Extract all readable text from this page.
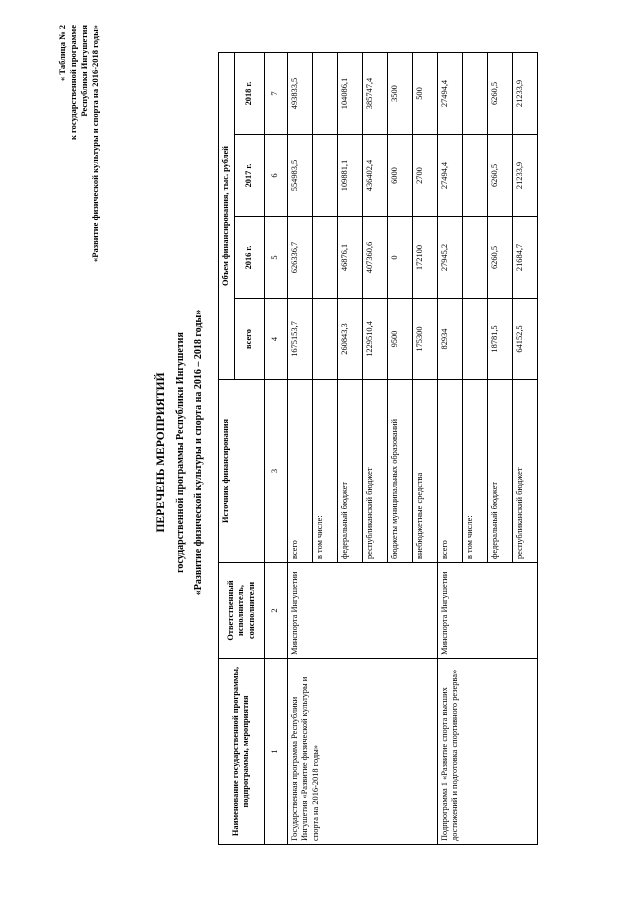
« Таблица № 2 к государственной программе Республики Ингушетия «Развитие физической культуры и спорта на 2016-2018 годы»
ПЕРЕЧЕНЬ МЕРОПРИЯТИЙ государственной программы Республики Ингушетия «Развитие физической культуры и спорта на 2016 – 2018 годы»
Наименование государственной программы, подпрограммы, мероприятия	Ответственный исполнитель, соисполнители	Источник финансирования	Объем финансирования, тыс. рублей			
			всего	2016 г.	2017 г.	2018 г.
1	2	3	4	5	6	7
Государственная программа Республики Ингушетия «Развитие физической культуры и спорта на 2016-2018 годы»	Минспорта Ингушетии	всего	1675153,7	626336,7	554983,5	493833,5
		в том числе:				
		федеральный бюджет	260843,3	46876,1	109881,1	104086,1
		республиканский бюджет	1229510,4	407360,6	436402,4	385747,4
		бюджеты муниципальных образований	9500	0	6000	3500
		внебюджетные средства	175300	172100	2700	500
Подпрограмма 1 «Развитие спорта высших достижений и подготовка спортивного резерва»	Минспорта Ингушетии	всего	82934	27945,2	27494,4	27494,4
		в том числе:				
		федеральный бюджет	18781,5	6260,5	6260,5	6260,5
		республиканский бюджет	64152,5	21684,7	21233,9	21233,9
